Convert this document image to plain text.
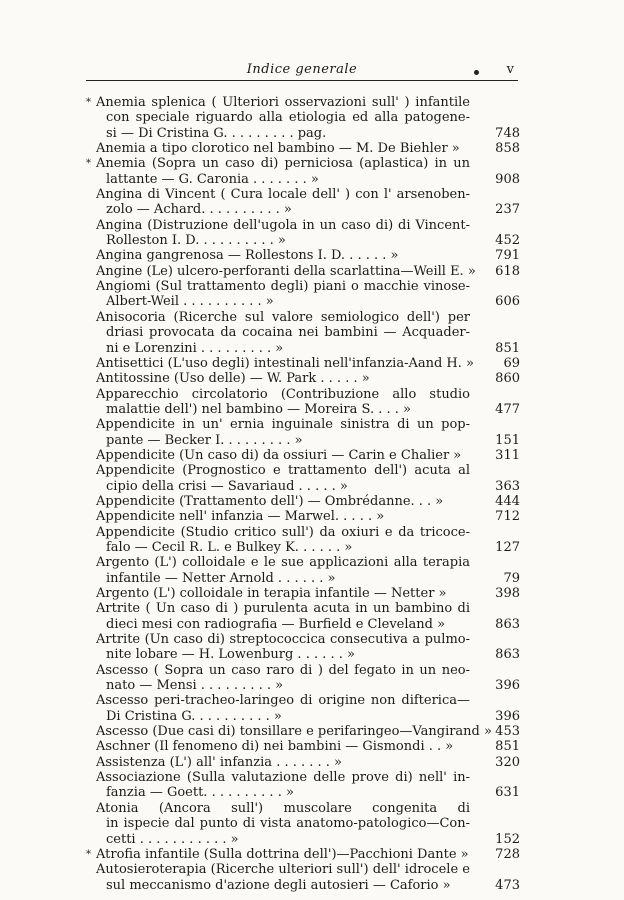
Indice generale	v
* Anemia splenica ( Ulteriori osservazioni sull' ) infantile
con speciale riguardo alla etiologia ed alla patogene-
si — Di Cristina G. . . . . . . . . pag.	748
Anemia a tipo clorotico nel bambino — M. De Biehler »	858
* Anemia (Sopra un caso di) perniciosa (aplastica) in un
lattante — G. Caronia . . . . . . . »	908
Angina di Vincent ( Cura locale dell' ) con l' arsenoben-
zolo — Achard. . . . . . . . . . »	237
Angina (Distruzione dell'ugola in un caso di) di Vincent-
Rolleston I. D. . . . . . . . . . »	452
Angina gangrenosa — Rollestons I. D. . . . . . »	791
Angine (Le) ulcero-perforanti della scarlattina—Weill E. »	618
Angiomi (Sul trattamento degli) piani o macchie vinose-
Albert-Weil . . . . . . . . . . »	606
Anisocoria (Ricerche sul valore semiologico dell') per
driasi provocata da cocaina nei bambini — Acquader-
ni e Lorenzini . . . . . . . . . »	851
Antisettici (L'uso degli) intestinali nell'infanzia-Aand H. »	69
Antitossine (Uso delle) — W. Park . . . . . »	860
Apparecchio circolatorio (Contribuzione allo studio
malattie dell') nel bambino — Moreira S. . . . »	477
Appendicite in un' ernia inguinale sinistra di un pop-
pante — Becker I. . . . . . . . . »	151
Appendicite (Un caso di) da ossiuri — Carin e Chalier »	311
Appendicite (Prognostico e trattamento dell') acuta al
cipio della crisi — Savariaud . . . . . »	363
Appendicite (Trattamento dell') — Ombrédanne. . . »	444
Appendicite nell' infanzia — Marwel. . . . . »	712
Appendicite (Studio critico sull') da oxiuri e da tricoce-
falo — Cecil R. L. e Bulkey K. . . . . . »	127
Argento (L') colloidale e le sue applicazioni alla terapia
infantile — Netter Arnold . . . . . . »	79
Argento (L') colloidale in terapia infantile — Netter »	398
Artrite ( Un caso di ) purulenta acuta in un bambino di
dieci mesi con radiografia — Burfield e Cleveland »	863
Artrite (Un caso di) streptococcica consecutiva a pulmo-
nite lobare — H. Lowenburg . . . . . . »	863
Ascesso ( Sopra un caso raro di ) del fegato in un neo-
nato — Mensi . . . . . . . . . »	396
Ascesso peri-tracheo-laringeo di origine non difterica—
Di Cristina G. . . . . . . . . . »	396
Ascesso (Due casi di) tonsillare e perifaringeo—Vangirand » 453
Aschner (Il fenomeno di) nei bambini — Gismondi . . »	851
Assistenza (L') all' infanzia . . . . . . . »	320
Associazione (Sulla valutazione delle prove di) nell' in-
fanzia — Goett. . . . . . . . . . »	631
Atonia (Ancora sull') muscolare congenita di
in ispecie dal punto di vista anatomo-patologico—Con-
cetti . . . . . . . . . . . »	152
* Atrofia infantile (Sulla dottrina dell')—Pacchioni Dante »	728
Autosieroterapia (Ricerche ulteriori sull') dell' idrocele e
sul meccanismo d'azione degli autosieri — Caforio »	473
